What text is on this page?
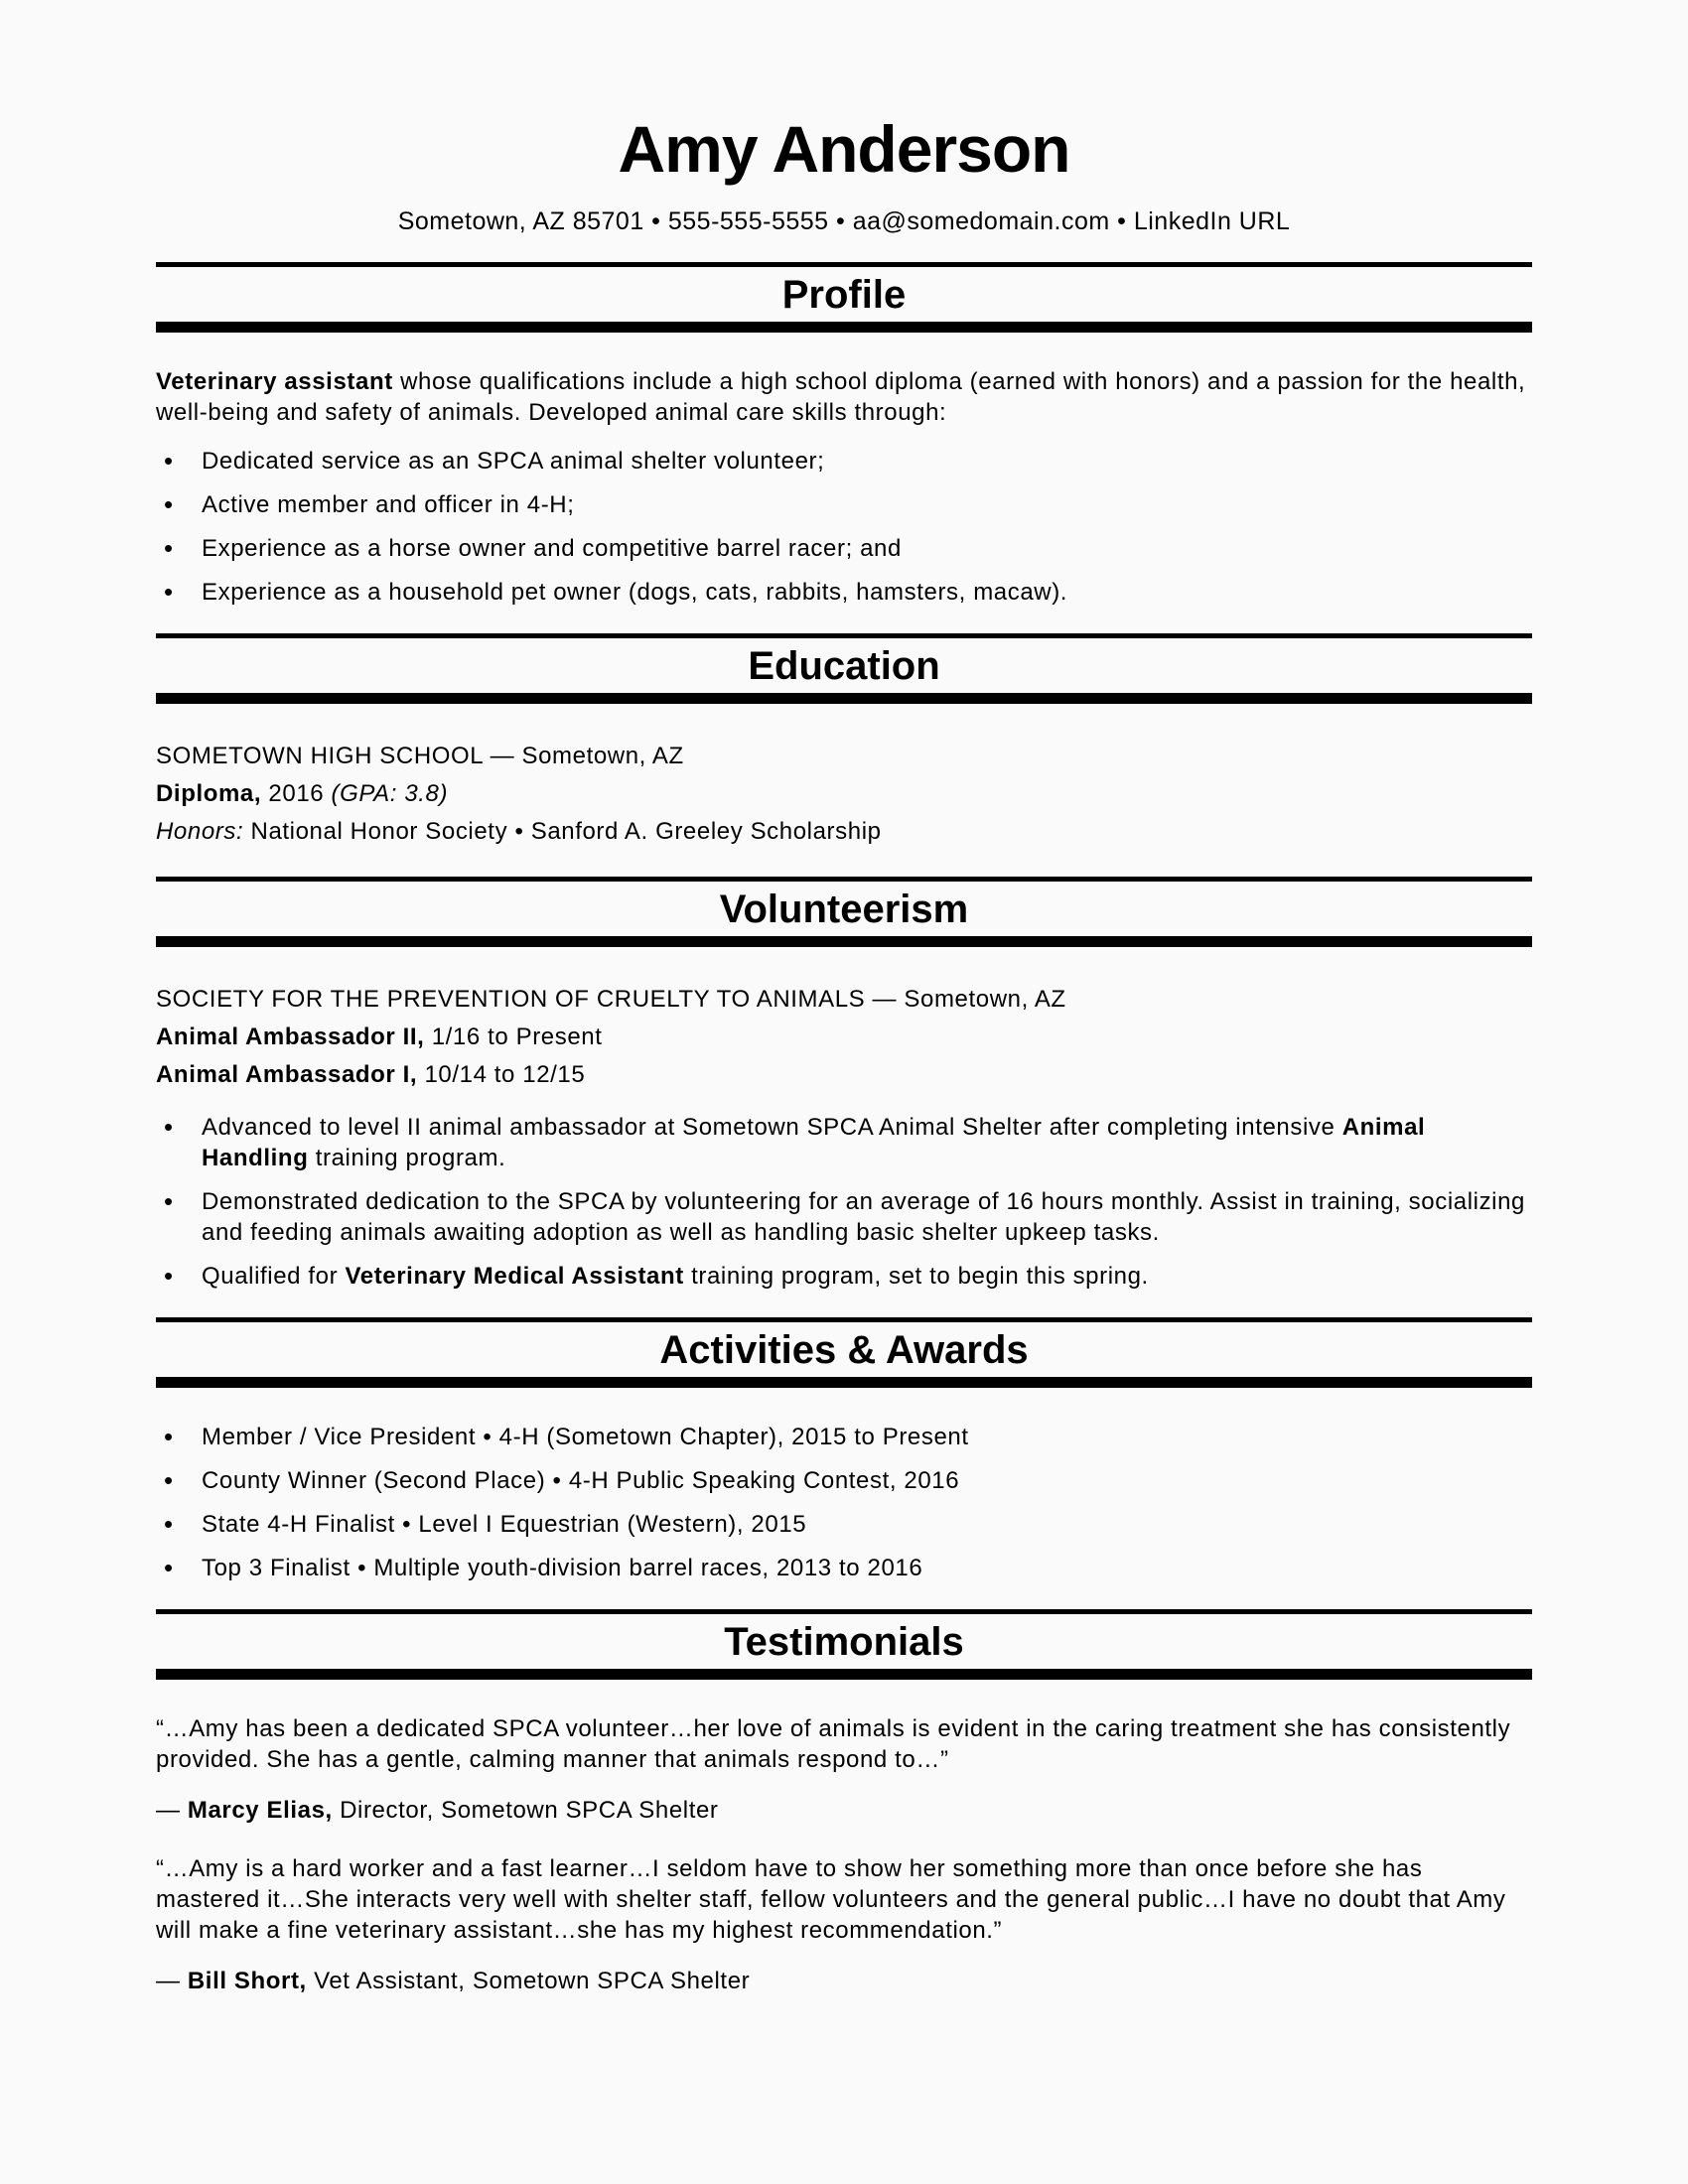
Amy Anderson
Sometown, AZ 85701 • 555-555-5555 • aa@somedomain.com • LinkedIn URL
Profile

Veterinary assistant whose qualifications include a high school diploma (earned with honors) and a passion for the health, well-being and safety of animals. Developed animal care skills through:

• Dedicated service as an SPCA animal shelter volunteer;
• Active member and officer in 4-H;
• Experience as a horse owner and competitive barrel racer; and
• Experience as a household pet owner (dogs, cats, rabbits, hamsters, macaw).
Education

SOMETOWN HIGH SCHOOL — Sometown, AZ

Diploma, 2016 (GPA: 3.8)

Honors: National Honor Society • Sanford A. Greeley Scholarship

Volunteerism

SOCIETY FOR THE PREVENTION OF CRUELTY TO ANIMALS — Sometown, AZ

Animal Ambassador II, 1/16 to Present

Animal Ambassador I, 10/14 to 12/15

• Advanced to level II animal ambassador at Sometown SPCA Animal Shelter after completing intensive Animal Handling training program.
• Demonstrated dedication to the SPCA by volunteering for an average of 16 hours monthly. Assist in training, socializing and feeding animals awaiting adoption as well as handling basic shelter upkeep tasks.
• Qualified for Veterinary Medical Assistant training program, set to begin this spring.
Activities & Awards
• Member / Vice President • 4-H (Sometown Chapter), 2015 to Present
• County Winner (Second Place) • 4-H Public Speaking Contest, 2016
• State 4-H Finalist • Level I Equestrian (Western), 2015
• Top 3 Finalist • Multiple youth-division barrel races, 2013 to 2016
Testimonials

“…Amy has been a dedicated SPCA volunteer…her love of animals is evident in the caring treatment she has consistently provided. She has a gentle, calming manner that animals respond to…”

— Marcy Elias, Director, Sometown SPCA Shelter

“…Amy is a hard worker and a fast learner…I seldom have to show her something more than once before she has mastered it…She interacts very well with shelter staff, fellow volunteers and the general public…I have no doubt that Amy will make a fine veterinary assistant…she has my highest recommendation.”

— Bill Short, Vet Assistant, Sometown SPCA Shelter
